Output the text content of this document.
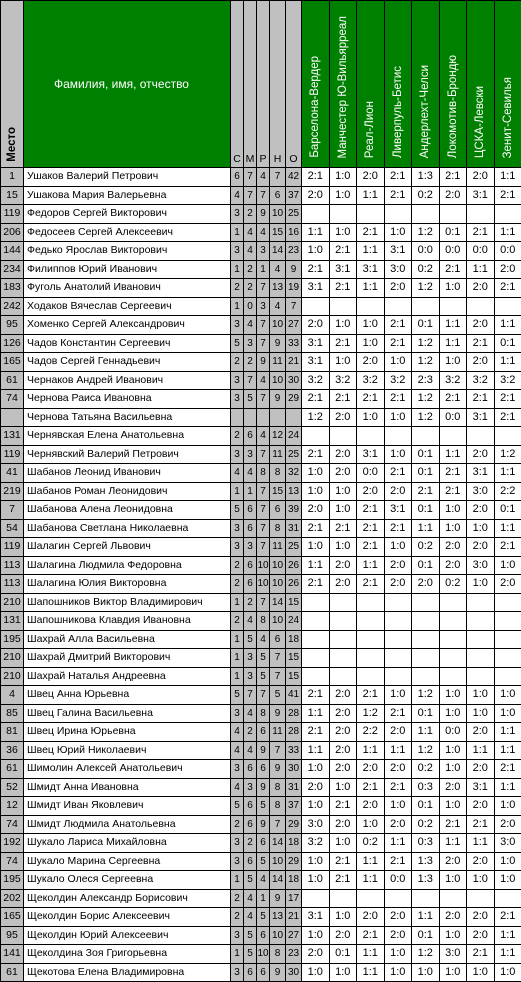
Место	Фамилия, имя, отчество	С	М	Р	Н	О	Барселона-Вердер	Манчестер Ю-Вильярреал	Реал-Лион	Ливерпуль-Бетис	Андерлехт-Челси	Локомотив-Брондю	ЦСКА-Левски	Зенит-Севилья
1	Ушаков Валерий Петрович	6	7	4	7	42	2:1	1:0	2:0	2:1	1:3	2:1	2:0	1:1
15	Ушакова Мария Валерьевна	4	7	7	6	37	2:0	1:0	1:1	2:1	0:2	2:0	3:1	2:1
119	Федоров Сергей Викторович	3	2	9	10	25								
206	Федосеев Сергей Алексеевич	1	4	4	15	16	1:1	1:0	2:1	1:0	1:2	0:1	2:1	1:1
144	Федько Ярослав Викторович	3	4	3	14	23	1:0	2:1	1:1	3:1	0:0	0:0	0:0	0:0
234	Филиппов Юрий Иванович	1	2	1	4	9	2:1	3:1	3:1	3:0	0:2	2:1	1:1	2:0
183	Фуголь Анатолий Иванович	2	2	7	13	19	3:1	2:1	1:1	2:0	1:2	1:0	2:0	2:1
242	Ходаков Вячеслав Сергеевич	1	0	3	4	7								
95	Хоменко Сергей Александрович	3	4	7	10	27	2:0	1:0	1:0	2:1	0:1	1:1	2:0	1:1
126	Чадов Константин Сергеевич	5	3	7	9	33	3:1	2:1	1:0	2:1	1:2	1:1	2:1	0:1
165	Чадов Сергей Геннадьевич	2	2	9	11	21	3:1	1:0	2:0	1:0	1:2	1:0	2:0	1:1
61	Чернаков Андрей Иванович	3	7	4	10	30	3:2	3:2	3:2	3:2	2:3	3:2	3:2	3:2
74	Чернова Раиса Ивановна	3	5	7	9	29	2:1	2:1	2:1	2:1	1:2	2:1	2:1	2:1
	Чернова Татьяна Васильевна						1:2	2:0	1:0	1:0	1:2	0:0	3:1	2:1
131	Чернявская Елена Анатольевна	2	6	4	12	24								
119	Чернявский Валерий Петрович	3	3	7	11	25	2:1	2:0	3:1	1:0	0:1	1:1	2:0	1:2
41	Шабанов Леонид Иванович	4	4	8	8	32	1:0	2:0	0:0	2:1	0:1	2:1	3:1	1:1
219	Шабанов Роман Леонидович	1	1	7	15	13	1:0	1:0	2:0	2:0	2:1	2:1	3:0	2:2
7	Шабанова Алена Леонидовна	5	6	7	6	39	2:0	1:0	2:1	3:1	0:1	1:0	2:0	0:1
54	Шабанова Светлана Николаевна	3	6	7	8	31	2:1	2:1	2:1	2:1	1:1	1:0	1:0	1:1
119	Шалагин Сергей Львович	3	3	7	11	25	1:0	1:0	2:1	1:0	0:2	2:0	2:0	2:1
113	Шалагина Людмила Федоровна	2	6	10	10	26	1:1	2:0	1:1	2:0	0:1	2:0	3:0	1:0
113	Шалагина Юлия Викторовна	2	6	10	10	26	2:1	2:0	2:1	2:0	2:0	0:2	1:0	2:0
210	Шапошников Виктор Владимирович	1	2	7	14	15								
131	Шапошникова Клавдия Ивановна	2	4	8	10	24								
195	Шахрай Алла Васильевна	1	5	4	6	18								
210	Шахрай Дмитрий Викторович	1	3	5	7	15								
210	Шахрай Наталья Андреевна	1	3	5	7	15								
4	Швец Анна Юрьевна	5	7	7	5	41	2:1	2:0	2:1	1:0	1:2	1:0	1:0	1:0
85	Швец Галина Васильевна	3	4	8	9	28	1:1	2:0	1:2	2:1	0:1	1:0	1:0	1:0
81	Швец Ирина Юрьевна	4	2	6	11	28	2:1	2:0	2:2	2:0	1:1	0:0	2:0	1:1
36	Швец Юрий Николаевич	4	4	9	7	33	1:1	2:0	1:1	1:1	1:2	1:0	1:1	1:1
61	Шимолин Алексей Анатольевич	3	6	6	9	30	1:0	2:0	2:0	2:0	0:2	1:0	2:0	2:1
52	Шмидт Анна Ивановна	4	3	9	8	31	2:0	1:0	2:1	2:1	0:3	2:0	3:1	1:1
12	Шмидт Иван Яковлевич	5	6	5	8	37	1:0	2:1	2:0	1:0	0:1	1:0	2:0	1:0
74	Шмидт Людмила Анатольевна	2	6	9	7	29	3:0	2:0	1:0	2:0	0:2	2:1	2:1	2:0
192	Шукало Лариса Михайловна	3	2	6	14	18	3:2	1:0	0:2	1:1	0:3	1:1	1:1	3:0
74	Шукало Марина Сергеевна	3	6	5	10	29	1:0	2:1	1:1	2:1	1:3	2:0	2:0	1:0
195	Шукало Олеся Сергеевна	1	5	4	14	18	1:0	2:1	1:1	0:0	1:3	1:0	1:0	1:0
202	Щеколдин Александр Борисович	2	4	1	9	17								
165	Щеколдин Борис Алексеевич	2	4	5	13	21	3:1	1:0	2:0	2:0	1:1	2:0	2:0	2:1
95	Щеколдин Юрий Алексеевич	3	5	6	10	27	1:0	2:0	2:1	2:0	0:1	1:0	2:0	1:1
141	Щеколдина Зоя Григорьевна	1	5	10	8	23	2:0	0:1	1:1	1:0	1:2	3:0	2:1	1:1
61	Щекотова Елена Владимировна	3	6	6	9	30	1:0	1:0	1:1	1:0	1:0	1:0	1:0	1:0
